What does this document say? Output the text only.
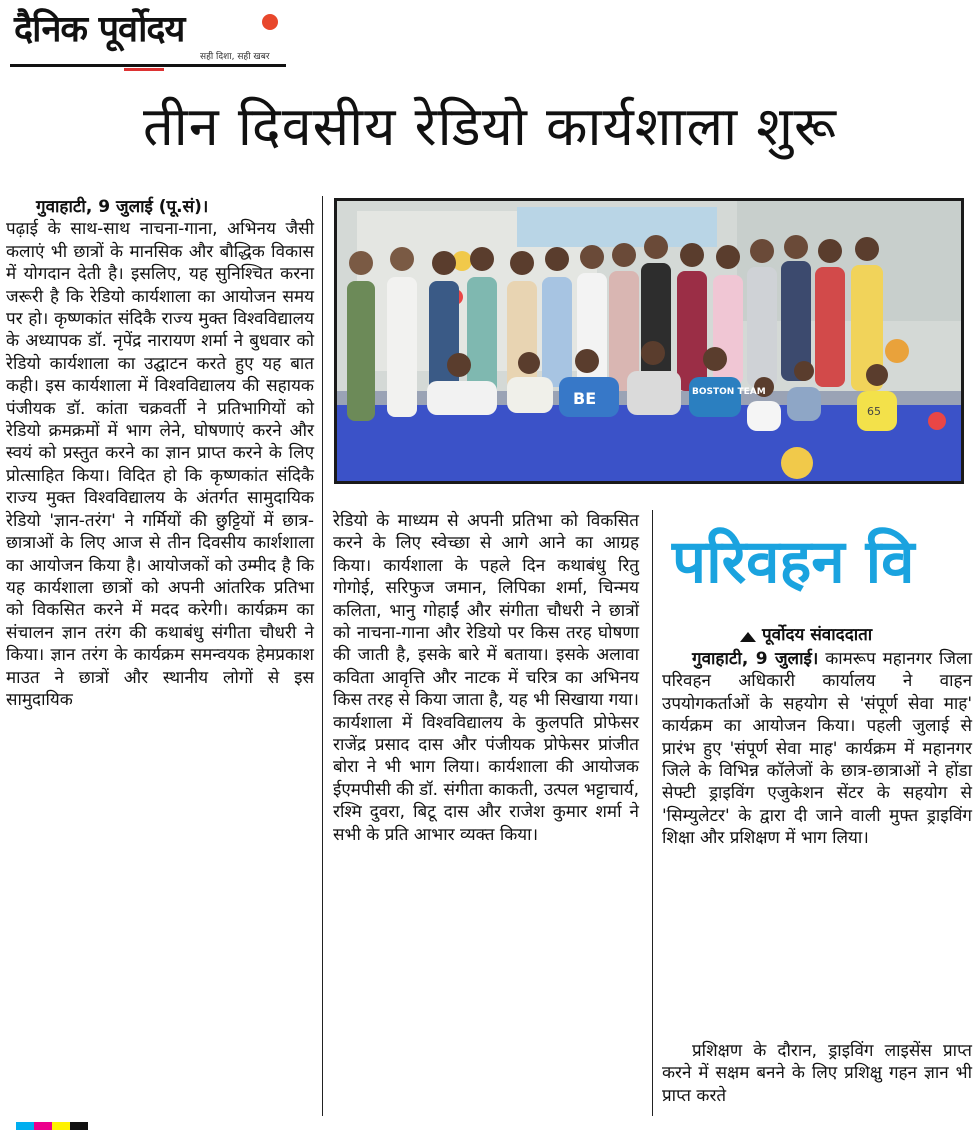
दैनिक पूर्वोदय
सही दिशा, सही खबर
तीन दिवसीय रेडियो कार्यशाला शुरू

गुवाहाटी, 9 जुलाई (पू.सं)।

पढ़ाई के साथ-साथ नाचना-गाना, अभिनय जैसी कलाएं भी छात्रों के मानसिक और बौद्धिक विकास में योगदान देती है। इसलिए, यह सुनिश्चित करना जरूरी है कि रेडियो कार्यशाला का आयोजन समय पर हो। कृष्णकांत संदिकै राज्य मुक्त विश्वविद्यालय के अध्यापक डॉ. नृपेंद्र नारायण शर्मा ने बुधवार को रेडियो कार्यशाला का उद्घाटन करते हुए यह बात कही। इस कार्यशाला में विश्वविद्यालय की सहायक पंजीयक डॉ. कांता चक्रवर्ती ने प्रतिभागियों को रेडियो क्रमक्रमों में भाग लेने, घोषणाएं करने और स्वयं को प्रस्तुत करने का ज्ञान प्राप्त करने के लिए प्रोत्साहित किया। विदित हो कि कृष्णकांत संदिकै राज्य मुक्त विश्वविद्यालय के अंतर्गत सामुदायिक रेडियो 'ज्ञान-तरंग' ने गर्मियों की छुट्टियों में छात्र-छात्राओं के लिए आज से तीन दिवसीय कार्शशाला का आयोजन किया है। आयोजकों को उम्मीद है कि यह कार्यशाला छात्रों को अपनी आंतरिक प्रतिभा को विकसित करने में मदद करेगी। कार्यक्रम का संचालन ज्ञान तरंग की कथाबंधु संगीता चौधरी ने किया। ज्ञान तरंग के कार्यक्रम समन्वयक हेमप्रकाश माउत ने छात्रों और स्थानीय लोगों से इस सामुदायिक

BE	BOSTON TEAM
65

रेडियो के माध्यम से अपनी प्रतिभा को विकसित करने के लिए स्वेच्छा से आगे आने का आग्रह किया। कार्यशाला के पहले दिन कथाबंधु रितु गोगोई, सरिफुज जमान, लिपिका शर्मा, चिन्मय कलिता, भानु गोहाईं और संगीता चौधरी ने छात्रों को नाचना-गाना और रेडियो पर किस तरह घोषणा की जाती है, इसके बारे में बताया। इसके अलावा कविता आवृत्ति और नाटक में चरित्र का अभिनय किस तरह से किया जाता है, यह भी सिखाया गया। कार्यशाला में विश्वविद्यालय के कुलपति प्रोफेसर राजेंद्र प्रसाद दास और पंजीयक प्रोफेसर प्रांजीत बोरा ने भी भाग लिया। कार्यशाला की आयोजक ईएमपीसी की डॉ. संगीता काकती, उत्पल भट्टाचार्य, रश्मि दुवरा, बिटू दास और राजेश कुमार शर्मा ने सभी के प्रति आभार व्यक्त किया।

परिवहन वि
पूर्वोदय संवाददाता

गुवाहाटी, 9 जुलाई। कामरूप महानगर जिला परिवहन अधिकारी कार्यालय ने वाहन उपयोगकर्ताओं के सहयोग से 'संपूर्ण सेवा माह' कार्यक्रम का आयोजन किया। पहली जुलाई से प्रारंभ हुए 'संपूर्ण सेवा माह' कार्यक्रम में महानगर जिले के विभिन्न कॉलेजों के छात्र-छात्राओं ने होंडा सेफ्टी ड्राइविंग एजुकेशन सेंटर के सहयोग से 'सिम्युलेटर' के द्वारा दी जाने वाली मुफ्त ड्राइविंग शिक्षा और प्रशिक्षण में भाग लिया।

प्रशिक्षण के दौरान, ड्राइविंग लाइसेंस प्राप्त करने में सक्षम बनने के लिए प्रशिक्षु गहन ज्ञान भी प्राप्त करते
